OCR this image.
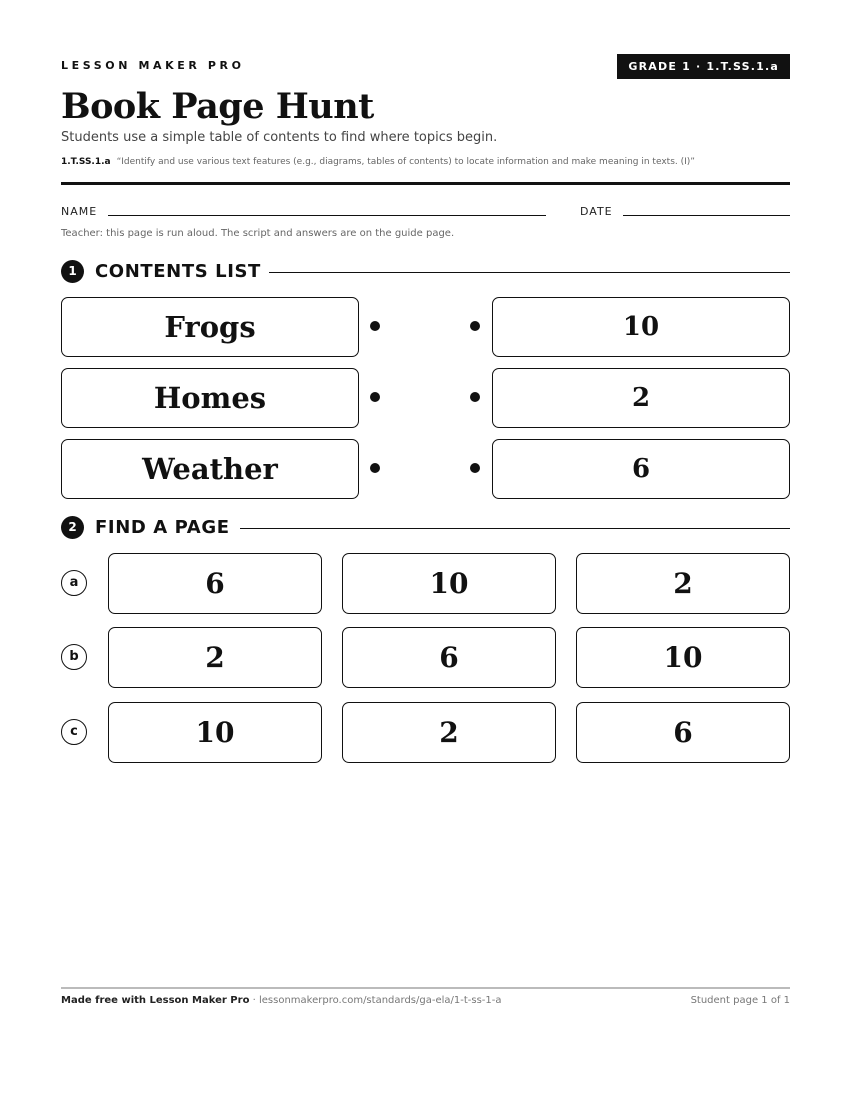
LESSON MAKER PRO	GRADE 1 · 1.T.SS.1.a
Book Page Hunt
Students use a simple table of contents to find where topics begin.
1.T.SS.1.a “Identify and use various text features (e.g., diagrams, tables of contents) to locate information and make meaning in texts. (I)”
NAME	DATE
Teacher: this page is run aloud. The script and answers are on the guide page.
1	CONTENTS LIST
Frogs	10
Homes	2
Weather	6
2	FIND A PAGE
a	6	10	2
b	2	6	10
c	10	2	6
Made free with Lesson Maker Pro · lessonmakerpro.com/standards/ga-ela/1-t-ss-1-a	Student page 1 of 1
